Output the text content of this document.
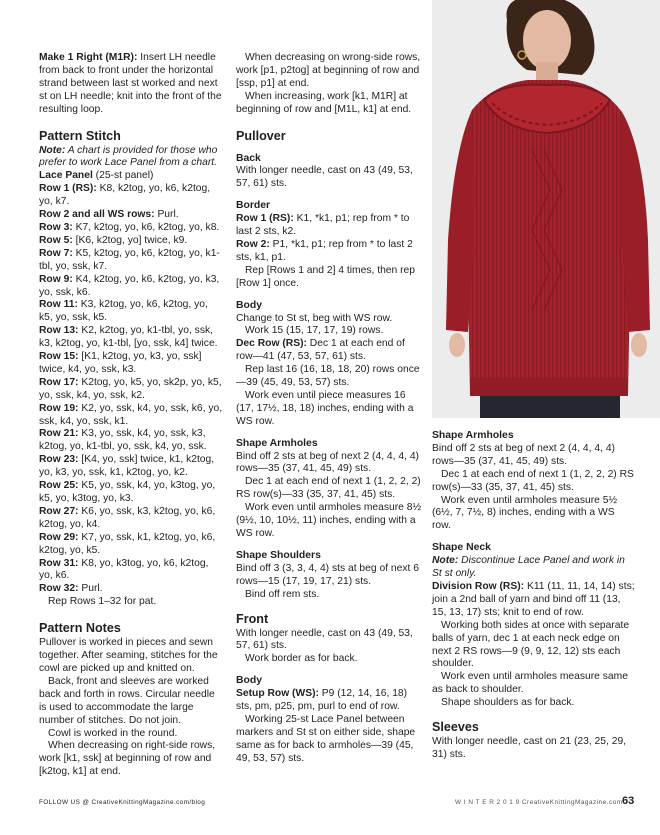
Make 1 Right (M1R): Insert LH needle from back to front under the horizontal strand between last st worked and next st on LH needle; knit into the front of the resulting loop.

Pattern Stitch

Note: A chart is provided for those who prefer to work Lace Panel from a chart.

Lace Panel (25-st panel)

Row 1 (RS): K8, k2tog, yo, k6, k2tog, yo, k7.

Row 2 and all WS rows: Purl.

Row 3: K7, k2tog, yo, k6, k2tog, yo, k8.

Row 5: [K6, k2tog, yo] twice, k9.

Row 7: K5, k2tog, yo, k6, k2tog, yo, k1-tbl, yo, ssk, k7.

Row 9: K4, k2tog, yo, k6, k2tog, yo, k3, yo, ssk, k6.

Row 11: K3, k2tog, yo, k6, k2tog, yo, k5, yo, ssk, k5.

Row 13: K2, k2tog, yo, k1-tbl, yo, ssk, k3, k2tog, yo, k1-tbl, [yo, ssk, k4] twice.

Row 15: [K1, k2tog, yo, k3, yo, ssk] twice, k4, yo, ssk, k3.

Row 17: K2tog, yo, k5, yo, sk2p, yo, k5, yo, ssk, k4, yo, ssk, k2.

Row 19: K2, yo, ssk, k4, yo, ssk, k6, yo, ssk, k4, yo, ssk, k1.

Row 21: K3, yo, ssk, k4, yo, ssk, k3, k2tog, yo, k1-tbl, yo, ssk, k4, yo, ssk.

Row 23: [K4, yo, ssk] twice, k1, k2tog, yo, k3, yo, ssk, k1, k2tog, yo, k2.

Row 25: K5, yo, ssk, k4, yo, k3tog, yo, k5, yo, k3tog, yo, k3.

Row 27: K6, yo, ssk, k3, k2tog, yo, k6, k2tog, yo, k4.

Row 29: K7, yo, ssk, k1, k2tog, yo, k6, k2tog, yo, k5.

Row 31: K8, yo, k3tog, yo, k6, k2tog, yo, k6.

Row 32: Purl.

Rep Rows 1–32 for pat.

Pattern Notes

Pullover is worked in pieces and sewn together. After seaming, stitches for the cowl are picked up and knitted on.

Back, front and sleeves are worked back and forth in rows. Circular needle is used to accommodate the large number of stitches. Do not join.

Cowl is worked in the round.

When decreasing on right-side rows, work [k1, ssk] at beginning of row and [k2tog, k1] at end.

When decreasing on wrong-side rows, work [p1, p2tog] at beginning of row and [ssp, p1] at end.

When increasing, work [k1, M1R] at beginning of row and [M1L, k1] at end.

Pullover
Back

With longer needle, cast on 43 (49, 53, 57, 61) sts.

Border

Row 1 (RS): K1, *k1, p1; rep from * to last 2 sts, k2.

Row 2: P1, *k1, p1; rep from * to last 2 sts, k1, p1.

Rep [Rows 1 and 2] 4 times, then rep [Row 1] once.

Body

Change to St st, beg with WS row.

Work 15 (15, 17, 17, 19) rows.

Dec Row (RS): Dec 1 at each end of row—41 (47, 53, 57, 61) sts.

Rep last 16 (16, 18, 18, 20) rows once—39 (45, 49, 53, 57) sts.

Work even until piece measures 16 (17, 17½, 18, 18) inches, ending with a WS row.

Shape Armholes

Bind off 2 sts at beg of next 2 (4, 4, 4, 4) rows—35 (37, 41, 45, 49) sts.

Dec 1 at each end of next 1 (1, 2, 2, 2) RS row(s)—33 (35, 37, 41, 45) sts.

Work even until armholes measure 8½ (9½, 10, 10½, 11) inches, ending with a WS row.

Shape Shoulders

Bind off 3 (3, 3, 4, 4) sts at beg of next 6 rows—15 (17, 19, 17, 21) sts.

Bind off rem sts.

Front

With longer needle, cast on 43 (49, 53, 57, 61) sts.

Work border as for back.

Body

Setup Row (WS): P9 (12, 14, 16, 18) sts, pm, p25, pm, purl to end of row.

Working 25-st Lace Panel between markers and St st on either side, shape same as for back to armholes—39 (45, 49, 53, 57) sts.

Shape Armholes

Bind off 2 sts at beg of next 2 (4, 4, 4, 4) rows—35 (37, 41, 45, 49) sts.

Dec 1 at each end of next 1 (1, 2, 2, 2) RS row(s)—33 (35, 37, 41, 45) sts.

Work even until armholes measure 5½ (6½, 7, 7½, 8) inches, ending with a WS row.

Shape Neck

Note: Discontinue Lace Panel and work in St st only.

Division Row (RS): K11 (11, 11, 14, 14) sts; join a 2nd ball of yarn and bind off 11 (13, 15, 13, 17) sts; knit to end of row.

Working both sides at once with separate balls of yarn, dec 1 at each neck edge on next 2 RS rows—9 (9, 9, 12, 12) sts each shoulder.

Work even until armholes measure same as back to shoulder.

Shape shoulders as for back.

Sleeves

With longer needle, cast on 21 (23, 25, 29, 31) sts.

FOLLOW US @ CreativeKnittingMagazine.com/blog	W I N T E R 2 0 1 9 CreativeKnittingMagazine.com 63
